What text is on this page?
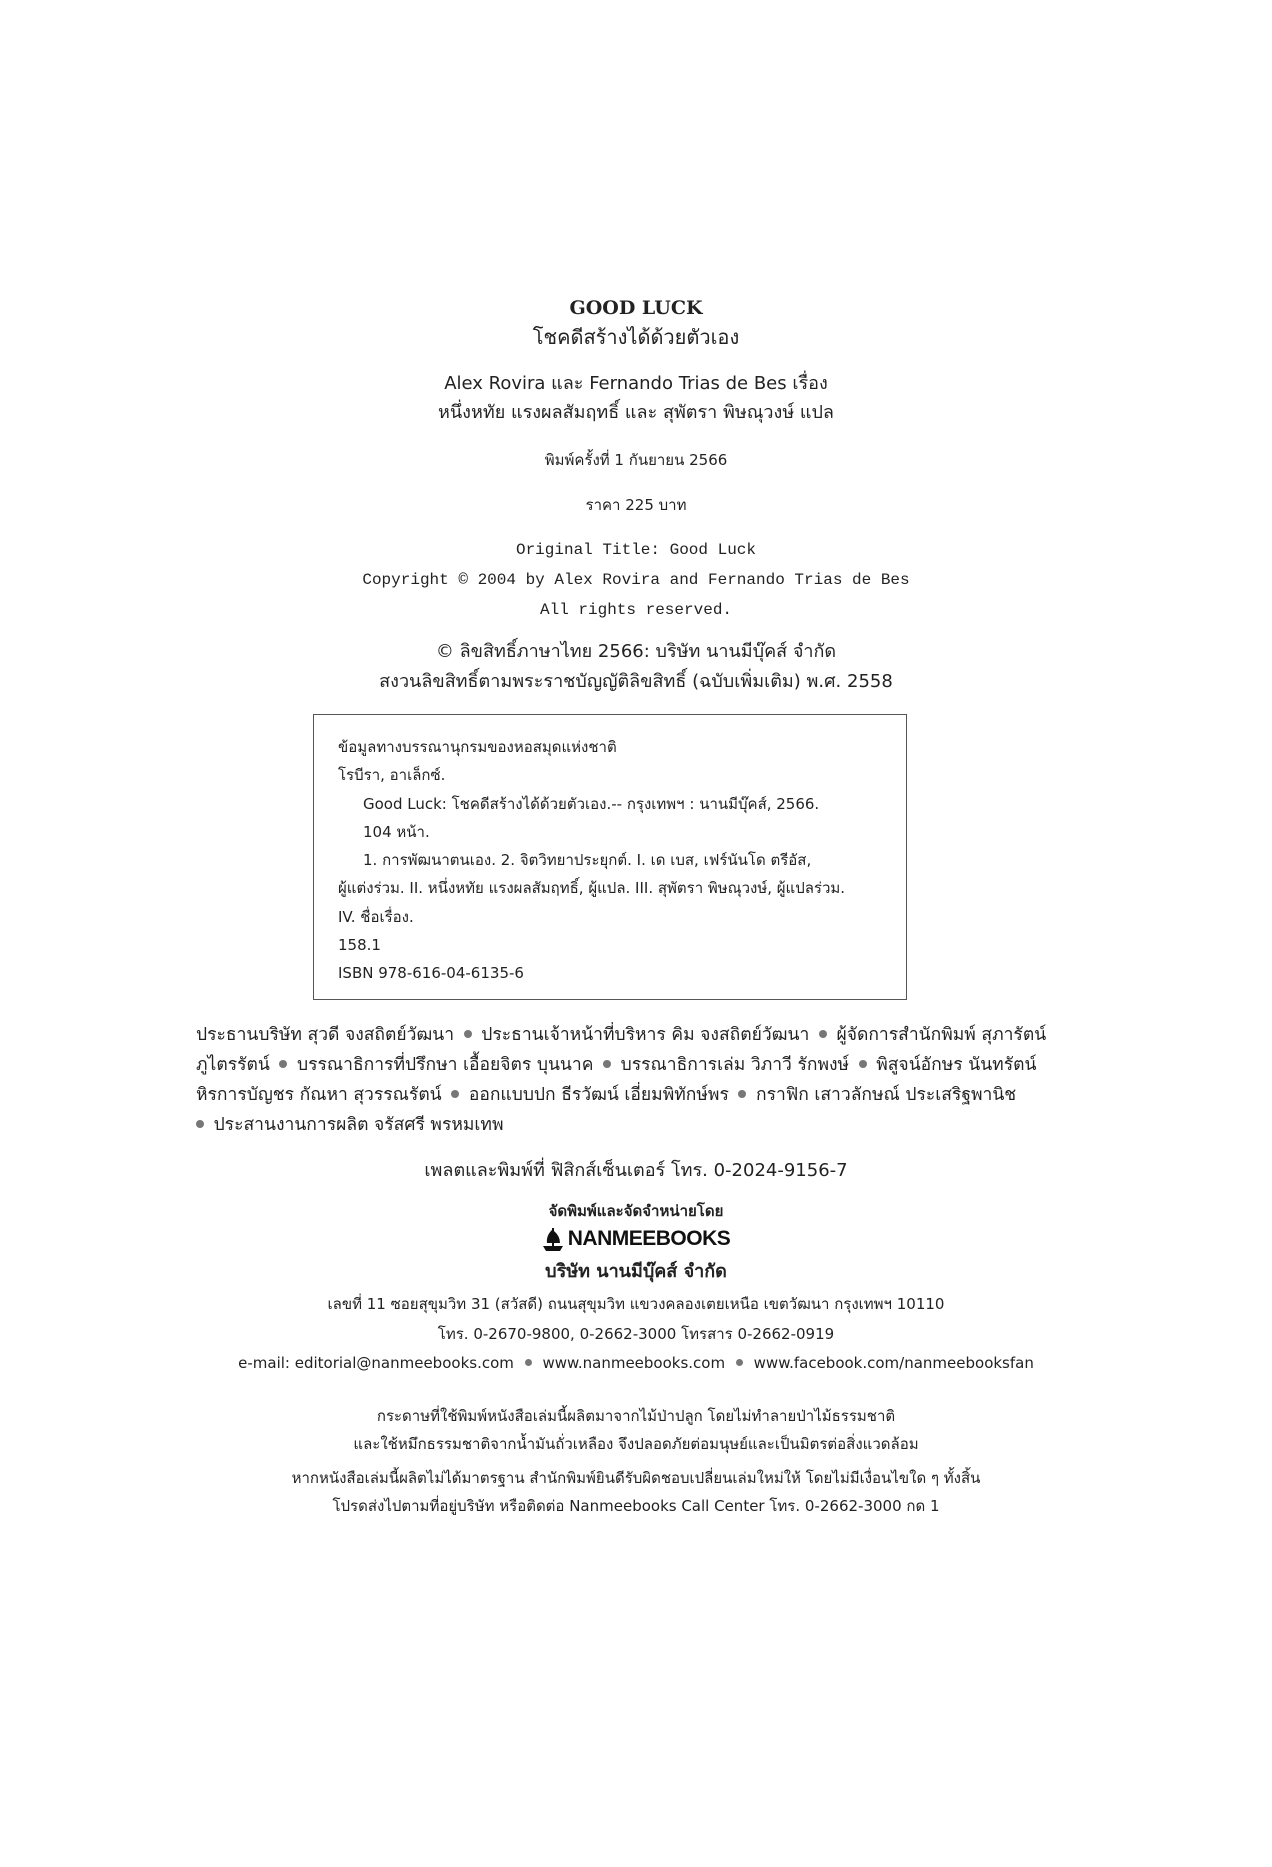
GOOD LUCK
โชคดีสร้างได้ด้วยตัวเอง
Alex Rovira และ Fernando Trias de Bes เรื่อง
หนึ่งหทัย แรงผลสัมฤทธิ์ และ สุพัตรา พิษณุวงษ์ แปล
พิมพ์ครั้งที่ 1 กันยายน 2566
ราคา 225 บาท
Original Title: Good Luck
Copyright © 2004 by Alex Rovira and Fernando Trias de Bes
All rights reserved.
© ลิขสิทธิ์ภาษาไทย 2566: บริษัท นานมีบุ๊คส์ จำกัด
สงวนลิขสิทธิ์ตามพระราชบัญญัติลิขสิทธิ์ (ฉบับเพิ่มเติม) พ.ศ. 2558
ข้อมูลทางบรรณานุกรมของหอสมุดแห่งชาติ
โรบีรา, อาเล็กซ์.
Good Luck: โชคดีสร้างได้ด้วยตัวเอง.-- กรุงเทพฯ : นานมีบุ๊คส์, 2566.
104 หน้า.
1. การพัฒนาตนเอง. 2. จิตวิทยาประยุกต์. I. เด เบส, เฟร์นันโด ตรีอัส,
ผู้แต่งร่วม. II. หนึ่งหทัย แรงผลสัมฤทธิ์, ผู้แปล. III. สุพัตรา พิษณุวงษ์, ผู้แปลร่วม.
IV. ชื่อเรื่อง.
158.1
ISBN 978-616-04-6135-6
ประธานบริษัท สุวดี จงสถิตย์วัฒนา ประธานเจ้าหน้าที่บริหาร คิม จงสถิตย์วัฒนา ผู้จัดการสำนักพิมพ์ สุภารัตน์
ภูไตรรัตน์ บรรณาธิการที่ปรึกษา เอื้อยจิตร บุนนาค บรรณาธิการเล่ม วิภาวี รักพงษ์ พิสูจน์อักษร นันทรัตน์
หิรการบัญชร กัณหา สุวรรณรัตน์ ออกแบบปก ธีรวัฒน์ เอี่ยมพิทักษ์พร กราฟิก เสาวลักษณ์ ประเสริฐพานิช
ประสานงานการผลิต จรัสศรี พรหมเทพ
เพลตและพิมพ์ที่ ฟิสิกส์เซ็นเตอร์ โทร. 0-2024-9156-7
จัดพิมพ์และจัดจำหน่ายโดย
NANMEEBOOKS
บริษัท นานมีบุ๊คส์ จำกัด
เลขที่ 11 ซอยสุขุมวิท 31 (สวัสดี) ถนนสุขุมวิท แขวงคลองเตยเหนือ เขตวัฒนา กรุงเทพฯ 10110
โทร. 0-2670-9800, 0-2662-3000 โทรสาร 0-2662-0919
e-mail: editorial@nanmeebooks.com www.nanmeebooks.com www.facebook.com/nanmeebooksfan
กระดาษที่ใช้พิมพ์หนังสือเล่มนี้ผลิตมาจากไม้ป่าปลูก โดยไม่ทำลายป่าไม้ธรรมชาติ
และใช้หมึกธรรมชาติจากน้ำมันถั่วเหลือง จึงปลอดภัยต่อมนุษย์และเป็นมิตรต่อสิ่งแวดล้อม
หากหนังสือเล่มนี้ผลิตไม่ได้มาตรฐาน สำนักพิมพ์ยินดีรับผิดชอบเปลี่ยนเล่มใหม่ให้ โดยไม่มีเงื่อนไขใด ๆ ทั้งสิ้น
โปรดส่งไปตามที่อยู่บริษัท หรือติดต่อ Nanmeebooks Call Center โทร. 0-2662-3000 กด 1
